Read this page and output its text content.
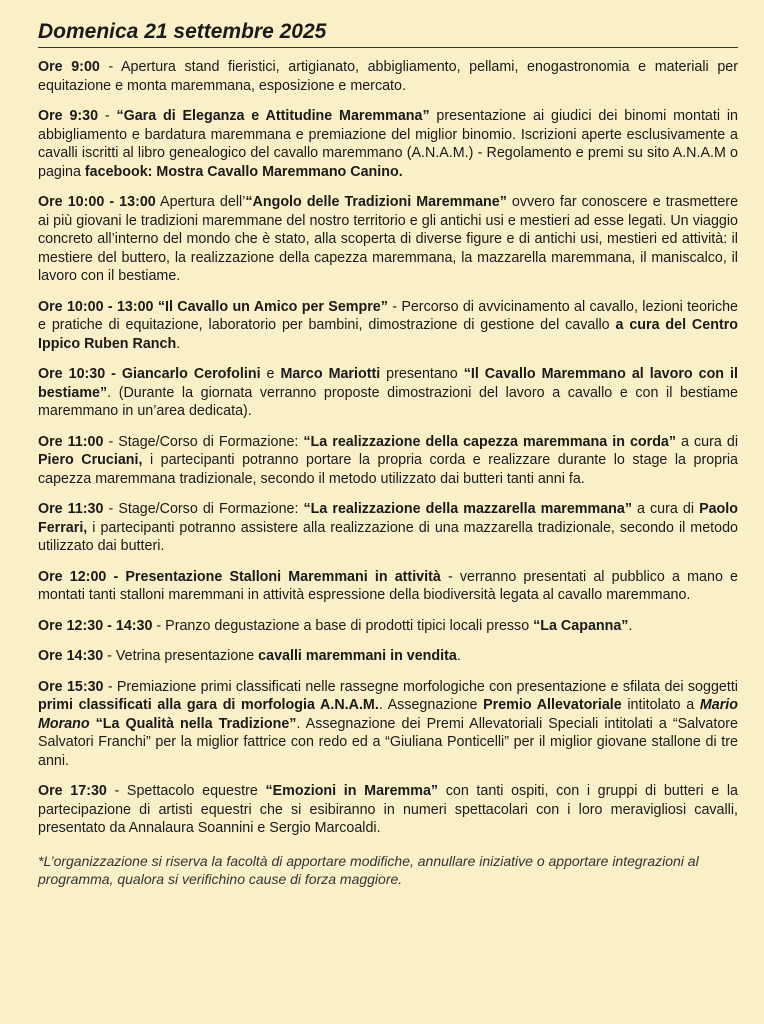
Domenica 21 settembre 2025

Ore 9:00 - Apertura stand fieristici, artigianato, abbigliamento, pellami, enogastronomia e materiali per equitazione e monta maremmana, esposizione e mercato.

Ore 9:30 - “Gara di Eleganza e Attitudine Maremmana” presentazione ai giudici dei binomi montati in abbigliamento e bardatura maremmana e premiazione del miglior binomio. Iscrizioni aperte esclusivamente a cavalli iscritti al libro genealogico del cavallo maremmano (A.N.A.M.) - Regolamento e premi su sito A.N.A.M o pagina facebook: Mostra Cavallo Maremmano Canino.

Ore 10:00 - 13:00 Apertura dell’“Angolo delle Tradizioni Maremmane” ovvero far conoscere e trasmettere ai più giovani le tradizioni maremmane del nostro territorio e gli antichi usi e mestieri ad esse legati. Un viaggio concreto all’interno del mondo che è stato, alla scoperta di diverse figure e di antichi usi, mestieri ed attività: il mestiere del buttero, la realizzazione della capezza maremmana, la mazzarella maremmana, il maniscalco, il lavoro con il bestiame.

Ore 10:00 - 13:00 “Il Cavallo un Amico per Sempre” - Percorso di avvicinamento al cavallo, lezioni teoriche e pratiche di equitazione, laboratorio per bambini, dimostrazione di gestione del cavallo a cura del Centro Ippico Ruben Ranch.

Ore 10:30 - Giancarlo Cerofolini e Marco Mariotti presentano “Il Cavallo Maremmano al lavoro con il bestiame”. (Durante la giornata verranno proposte dimostrazioni del lavoro a cavallo e con il bestiame maremmano in un’area dedicata).

Ore 11:00 - Stage/Corso di Formazione: “La realizzazione della capezza maremmana in corda” a cura di Piero Cruciani, i partecipanti potranno portare la propria corda e realizzare durante lo stage la propria capezza maremmana tradizionale, secondo il metodo utilizzato dai butteri tanti anni fa.

Ore 11:30 - Stage/Corso di Formazione: “La realizzazione della mazzarella maremmana” a cura di Paolo Ferrari, i partecipanti potranno assistere alla realizzazione di una mazzarella tradizionale, secondo il metodo utilizzato dai butteri.

Ore 12:00 - Presentazione Stalloni Maremmani in attività - verranno presentati al pubblico a mano e montati tanti stalloni maremmani in attività espressione della biodiversità legata al cavallo maremmano.

Ore 12:30 - 14:30 - Pranzo degustazione a base di prodotti tipici locali presso “La Capanna”.

Ore 14:30 - Vetrina presentazione cavalli maremmani in vendita.

Ore 15:30 - Premiazione primi classificati nelle rassegne morfologiche con presentazione e sfilata dei soggetti primi classificati alla gara di morfologia A.N.A.M.. Assegnazione Premio Allevatoriale intitolato a Mario Morano “La Qualità nella Tradizione”. Assegnazione dei Premi Allevatoriali Speciali intitolati a “Salvatore Salvatori Franchi” per la miglior fattrice con redo ed a “Giuliana Ponticelli” per il miglior giovane stallone di tre anni.

Ore 17:30 - Spettacolo equestre “Emozioni in Maremma” con tanti ospiti, con i gruppi di butteri e la partecipazione di artisti equestri che si esibiranno in numeri spettacolari con i loro meravigliosi cavalli, presentato da Annalaura Soannini e Sergio Marcoaldi.

*L’organizzazione si riserva la facoltà di apportare modifiche, annullare iniziative o apportare integrazioni al programma, qualora si verifichino cause di forza maggiore.
